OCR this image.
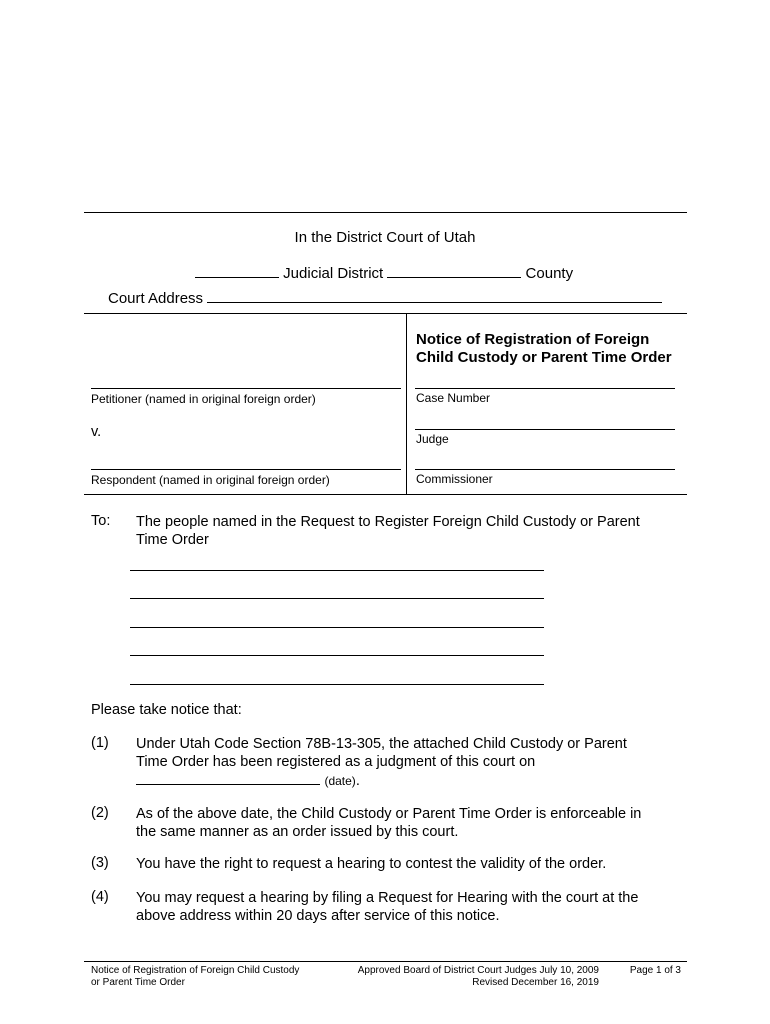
In the District Court of Utah
Judicial District	County
Court Address
Notice of Registration of Foreign
Child Custody or Parent Time Order
Petitioner (named in original foreign order)
v.
Respondent (named in original foreign order)
Case Number
Judge
Commissioner
To: The people named in the Request to Register Foreign Child Custody or Parent
Time Order
Please take notice that:
(1) Under Utah Code Section 78B-13-305, the attached Child Custody or Parent
Time Order has been registered as a judgment of this court on
(date).
(2) As of the above date, the Child Custody or Parent Time Order is enforceable in
the same manner as an order issued by this court.
(3) You have the right to request a hearing to contest the validity of the order.
(4) You may request a hearing by filing a Request for Hearing with the court at the
above address within 20 days after service of this notice.
Notice of Registration of Foreign Child Custody
or Parent Time Order
Approved Board of District Court Judges July 10, 2009
Revised December 16, 2019
Page 1 of 3
